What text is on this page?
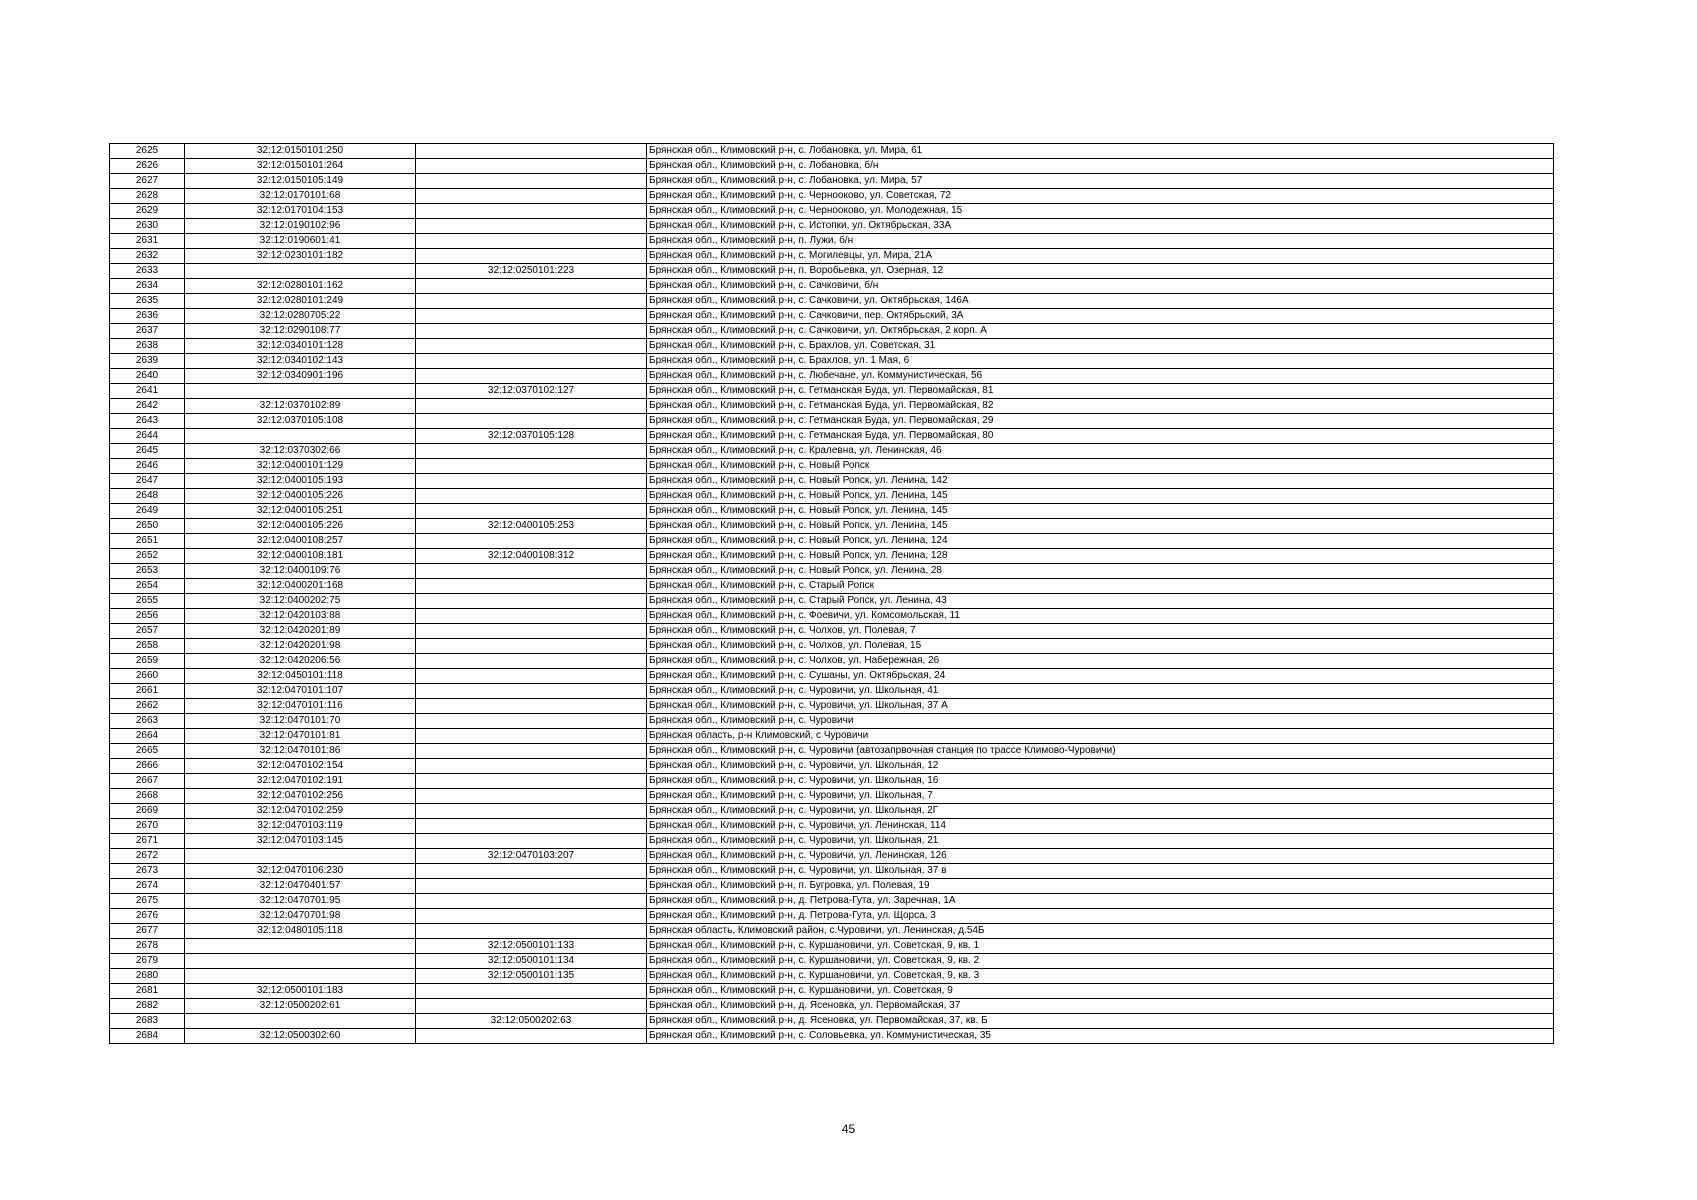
2625	32:12:0150101:250		Брянская обл., Климовский р-н, с. Лобановка, ул. Мира, 61
2626	32:12:0150101:264		Брянская обл., Климовский р-н, с. Лобановка, б/н
2627	32:12:0150105:149		Брянская обл., Климовский р-н, с. Лобановка, ул. Мира, 57
2628	32:12:0170101:68		Брянская обл., Климовский р-н, с. Чернооково, ул. Советская, 72
2629	32:12:0170104:153		Брянская обл., Климовский р-н, с. Чернооково, ул. Молодежная, 15
2630	32:12:0190102:96		Брянская обл., Климовский р-н, с. Истопки, ул. Октябрьская, 33А
2631	32:12:0190601:41		Брянская обл., Климовский р-н, п. Лужи, б/н
2632	32:12:0230101:182		Брянская обл., Климовский р-н, с. Могилевцы, ул. Мира, 21А
2633		32:12:0250101:223	Брянская обл., Климовский р-н, п. Воробьевка, ул. Озерная, 12
2634	32:12:0280101:162		Брянская обл., Климовский р-н, с. Сачковичи, б/н
2635	32:12:0280101:249		Брянская обл., Климовский р-н, с. Сачковичи, ул. Октябрьская, 146А
2636	32:12:0280705:22		Брянская обл., Климовский р-н, с. Сачковичи, пер. Октябрьский, 3А
2637	32:12:0290108:77		Брянская обл., Климовский р-н, с. Сачковичи, ул. Октябрьская, 2 корп. А
2638	32:12:0340101:128		Брянская обл., Климовский р-н, с. Брахлов, ул. Советская, 31
2639	32:12:0340102:143		Брянская обл., Климовский р-н, с. Брахлов, ул. 1 Мая, 6
2640	32:12:0340901:196		Брянская обл., Климовский р-н, с. Любечане, ул. Коммунистическая, 56
2641		32:12:0370102:127	Брянская обл., Климовский р-н, с. Гетманская Буда, ул. Первомайская, 81
2642	32:12:0370102:89		Брянская обл., Климовский р-н, с. Гетманская Буда, ул. Первомайская, 82
2643	32:12:0370105:108		Брянская обл., Климовский р-н, с. Гетманская Буда, ул. Первомайская, 29
2644		32:12:0370105:128	Брянская обл., Климовский р-н, с. Гетманская Буда, ул. Первомайская, 80
2645	32:12:0370302:66		Брянская обл., Климовский р-н, с. Кралевна, ул. Ленинская, 46
2646	32:12:0400101:129		Брянская обл., Климовский р-н, с. Новый Ропск
2647	32:12:0400105:193		Брянская обл., Климовский р-н, с. Новый Ропск, ул. Ленина, 142
2648	32:12:0400105:226		Брянская обл., Климовский р-н, с. Новый Ропск, ул. Ленина, 145
2649	32:12:0400105:251		Брянская обл., Климовский р-н, с. Новый Ропск, ул. Ленина, 145
2650	32:12:0400105:226	32:12:0400105:253	Брянская обл., Климовский р-н, с. Новый Ропск, ул. Ленина, 145
2651	32:12:0400108:257		Брянская обл., Климовский р-н, с. Новый Ропск, ул. Ленина, 124
2652	32:12:0400108:181	32:12:0400108:312	Брянская обл., Климовский р-н, с. Новый Ропск, ул. Ленина, 128
2653	32:12:0400109:76		Брянская обл., Климовский р-н, с. Новый Ропск, ул. Ленина, 28
2654	32:12:0400201:168		Брянская обл., Климовский р-н, с. Старый Ропск
2655	32:12:0400202:75		Брянская обл., Климовский р-н, с. Старый Ропск, ул. Ленина, 43
2656	32:12:0420103:88		Брянская обл., Климовский р-н, с. Фоевичи, ул. Комсомольская, 11
2657	32:12:0420201:89		Брянская обл., Климовский р-н, с. Чолхов, ул. Полевая, 7
2658	32:12:0420201:98		Брянская обл., Климовский р-н, с. Чолхов, ул. Полевая, 15
2659	32:12:0420206:56		Брянская обл., Климовский р-н, с. Чолхов, ул. Набережная, 26
2660	32:12:0450101:118		Брянская обл., Климовский р-н, с. Сушаны, ул. Октябрьская, 24
2661	32:12:0470101:107		Брянская обл., Климовский р-н, с. Чуровичи, ул. Школьная, 41
2662	32:12:0470101:116		Брянская обл., Климовский р-н, с. Чуровичи, ул. Школьная, 37 А
2663	32:12:0470101:70		Брянская обл., Климовский р-н, с. Чуровичи
2664	32:12:0470101:81		Брянская область, р-н Климовский, с Чуровичи
2665	32:12:0470101:86		Брянская обл., Климовский р-н, с. Чуровичи (автозапрвочная станция по трассе Климово-Чуровичи)
2666	32:12:0470102:154		Брянская обл., Климовский р-н, с. Чуровичи, ул. Школьная, 12
2667	32:12:0470102:191		Брянская обл., Климовский р-н, с. Чуровичи, ул. Школьная, 16
2668	32:12:0470102:256		Брянская обл., Климовский р-н, с. Чуровичи, ул. Школьная, 7
2669	32:12:0470102:259		Брянская обл., Климовский р-н, с. Чуровичи, ул. Школьная, 2Г
2670	32:12:0470103:119		Брянская обл., Климовский р-н, с. Чуровичи, ул. Ленинская, 114
2671	32:12:0470103:145		Брянская обл., Климовский р-н, с. Чуровичи, ул. Школьная, 21
2672		32:12:0470103:207	Брянская обл., Климовский р-н, с. Чуровичи, ул. Ленинская, 126
2673	32:12:0470106:230		Брянская обл., Климовский р-н, с. Чуровичи, ул. Школьная, 37 в
2674	32:12:0470401:57		Брянская обл., Климовский р-н, п. Бугровка, ул. Полевая, 19
2675	32:12:0470701:95		Брянская обл., Климовский р-н, д. Петрова-Гута, ул. Заречная, 1А
2676	32:12:0470701:98		Брянская обл., Климовский р-н, д. Петрова-Гута, ул. Щорса, 3
2677	32:12:0480105:118		Брянская область, Климовский район, с.Чуровичи, ул. Ленинская, д.54Б
2678		32:12:0500101:133	Брянская обл., Климовский р-н, с. Куршановичи, ул. Советская, 9, кв. 1
2679		32:12:0500101:134	Брянская обл., Климовский р-н, с. Куршановичи, ул. Советская, 9, кв. 2
2680		32:12:0500101:135	Брянская обл., Климовский р-н, с. Куршановичи, ул. Советская, 9, кв. 3
2681	32:12:0500101:183		Брянская обл., Климовский р-н, с. Куршановичи, ул. Советская, 9
2682	32:12:0500202:61		Брянская обл., Климовский р-н, д. Ясеновка, ул. Первомайская, 37
2683		32:12:0500202:63	Брянская обл., Климовский р-н, д. Ясеновка, ул. Первомайская, 37, кв. Б
2684	32:12:0500302:60		Брянская обл., Климовский р-н, с. Соловьевка, ул. Коммунистическая, 35
45
